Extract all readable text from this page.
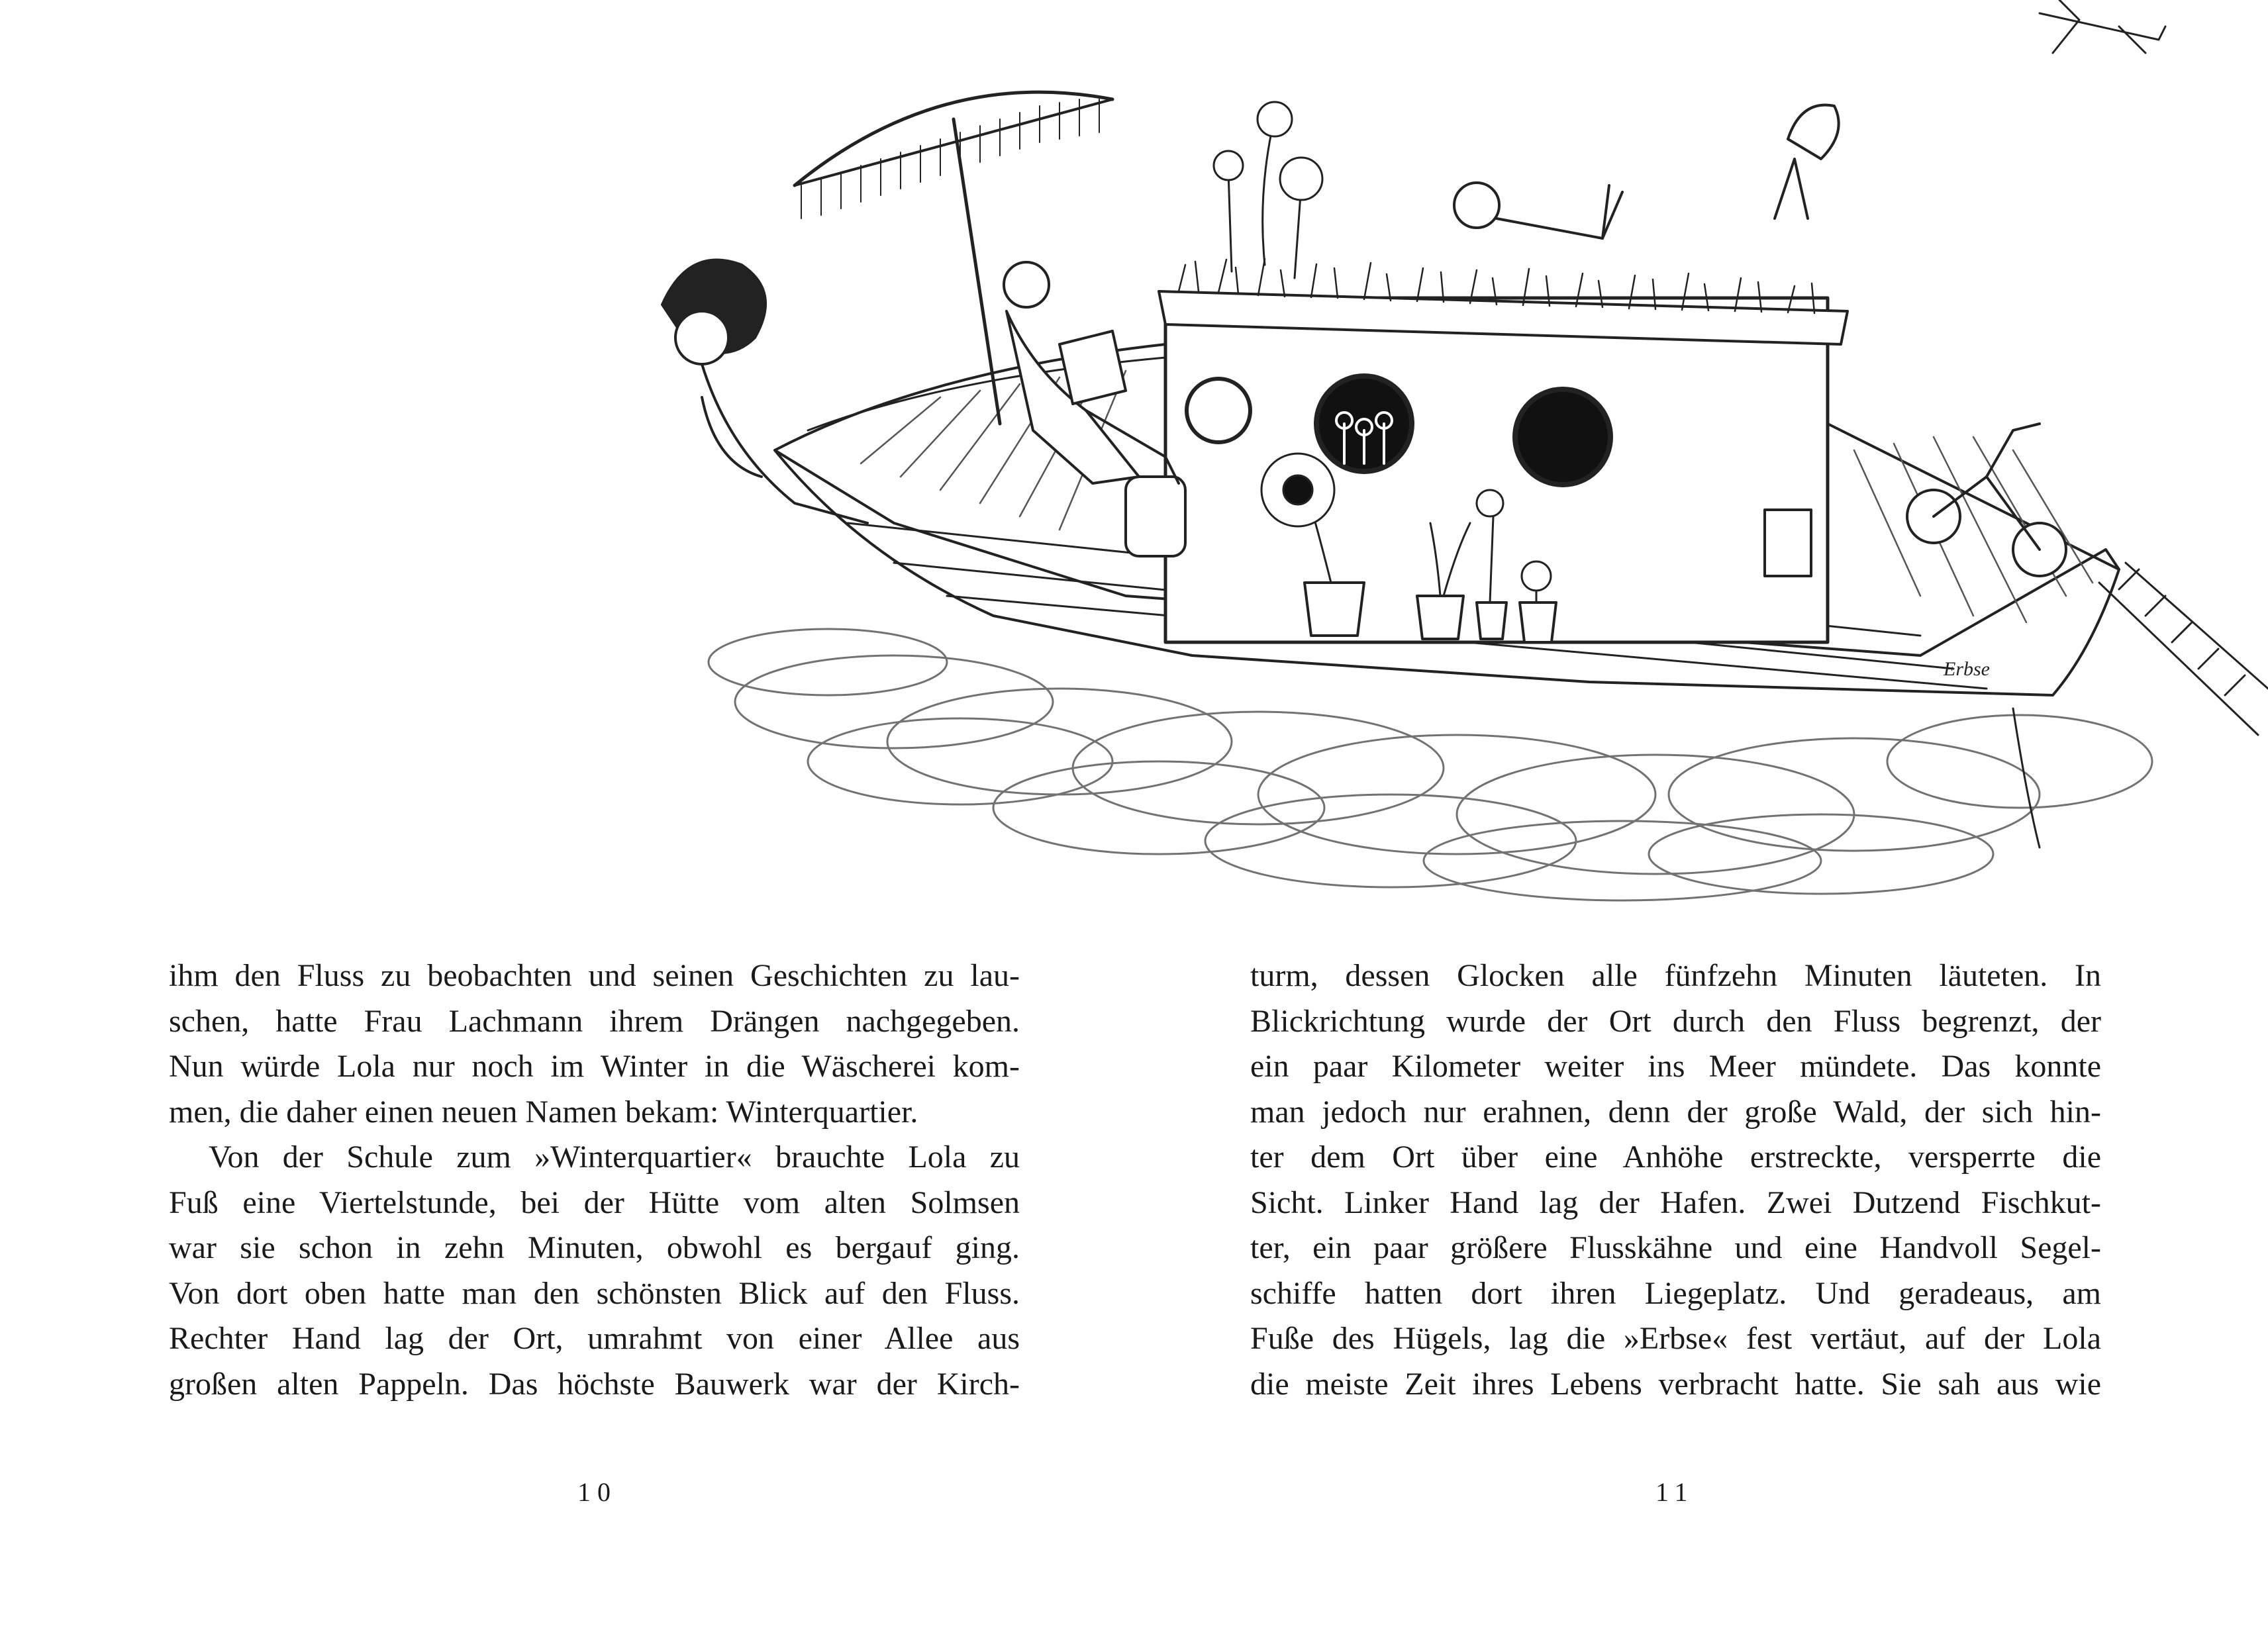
Erbse
ihm den Fluss zu beobachten und seinen Geschichten zu lau-
schen, hatte Frau Lachmann ihrem Drängen nachgegeben.
Nun würde Lola nur noch im Winter in die Wäscherei kom-
men, die daher einen neuen Namen bekam: Winterquartier.
Von der Schule zum »Winterquartier« brauchte Lola zu
Fuß eine Viertelstunde, bei der Hütte vom alten Solmsen
war sie schon in zehn Minuten, obwohl es bergauf ging.
Von dort oben hatte man den schönsten Blick auf den Fluss.
Rechter Hand lag der Ort, umrahmt von einer Allee aus
großen alten Pappeln. Das höchste Bauwerk war der Kirch-
turm, dessen Glocken alle fünfzehn Minuten läuteten. In
Blickrichtung wurde der Ort durch den Fluss begrenzt, der
ein paar Kilometer weiter ins Meer mündete. Das konnte
man jedoch nur erahnen, denn der große Wald, der sich hin-
ter dem Ort über eine Anhöhe erstreckte, versperrte die
Sicht. Linker Hand lag der Hafen. Zwei Dutzend Fischkut-
ter, ein paar größere Flusskähne und eine Handvoll Segel-
schiffe hatten dort ihren Liegeplatz. Und geradeaus, am
Fuße des Hügels, lag die »Erbse« fest vertäut, auf der Lola
die meiste Zeit ihres Lebens verbracht hatte. Sie sah aus wie
10	11
